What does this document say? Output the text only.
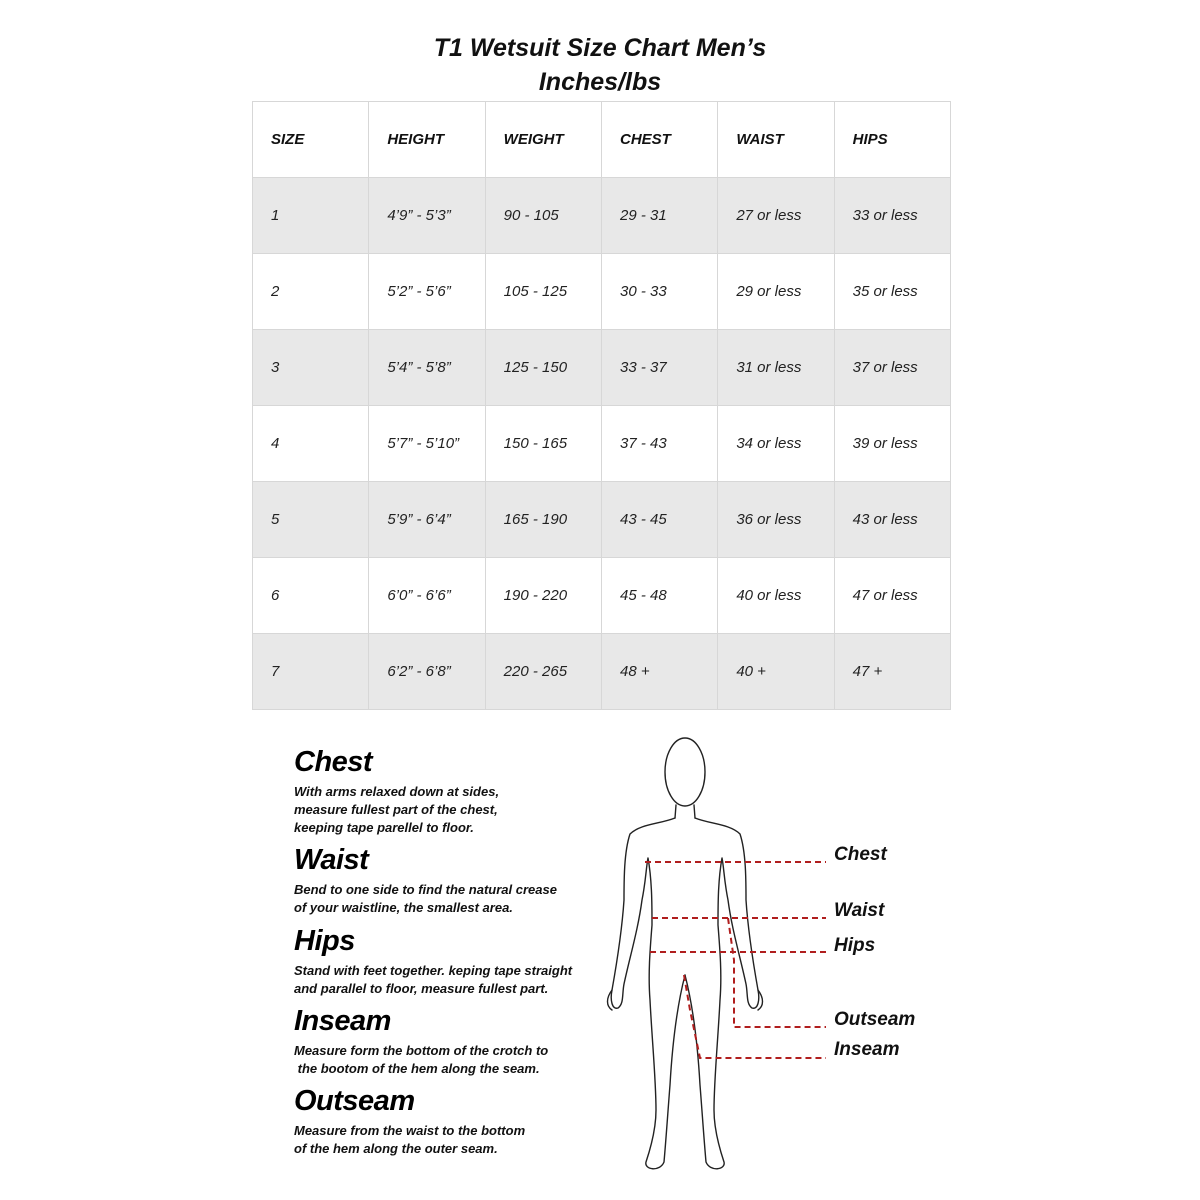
T1 Wetsuit Size Chart Men’s
Inches/lbs
SIZE	HEIGHT	WEIGHT	CHEST	WAIST	HIPS
1	4’9” - 5’3”	90 - 105	29 - 31	27 or less	33 or less
2	5’2” - 5’6”	105 - 125	30 - 33	29 or less	35 or less
3	5’4” - 5’8”	125 - 150	33 - 37	31 or less	37 or less
4	5’7” - 5’10”	150 - 165	37 - 43	34 or less	39 or less
5	5’9” - 6’4”	165 - 190	43 - 45	36 or less	43 or less
6	6’0” - 6’6”	190 - 220	45 - 48	40 or less	47 or less
7	6’2” - 6’8”	220 - 265	48 +	40 +	47 +
Chest
With arms relaxed down at sides,
measure fullest part of the chest,
keeping tape parellel to floor.
Waist
Bend to one side to find the natural crease
of your waistline, the smallest area.
Hips
Stand with feet together. keping tape straight
and parallel to floor, measure fullest part.
Inseam
Measure form the bottom of the crotch to
the bootom of the hem along the seam.
Outseam
Measure from the waist to the bottom
of the hem along the outer seam.
Chest
Waist
Hips
Outseam
Inseam
